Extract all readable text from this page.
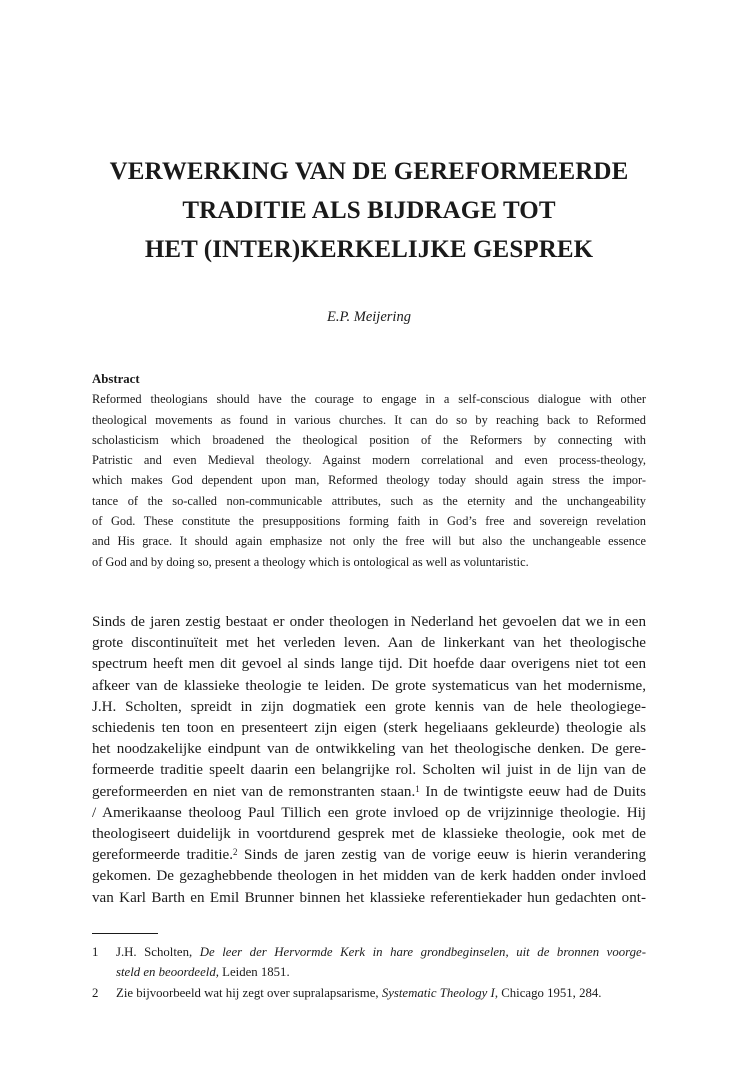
VERWERKING VAN DE GEREFORMEERDE
TRADITIE ALS BIJDRAGE TOT
HET (INTER)KERKELIJKE GESPREK
E.P. Meijering
Abstract
Reformed theologians should have the courage to engage in a self-conscious dialogue with other
theological movements as found in various churches. It can do so by reaching back to Reformed
scholasticism which broadened the theological position of the Reformers by connecting with
Patristic and even Medieval theology. Against modern correlational and even process-theology,
which makes God dependent upon man, Reformed theology today should again stress the impor-
tance of the so-called non-communicable attributes, such as the eternity and the unchangeability
of God. These constitute the presuppositions forming faith in God’s free and sovereign revelation
and His grace. It should again emphasize not only the free will but also the unchangeable essence
of God and by doing so, present a theology which is ontological as well as voluntaristic.
Sinds de jaren zestig bestaat er onder theologen in Nederland het gevoelen dat we in een
grote discontinuïteit met het verleden leven. Aan de linkerkant van het theologische
spectrum heeft men dit gevoel al sinds lange tijd. Dit hoefde daar overigens niet tot een
afkeer van de klassieke theologie te leiden. De grote systematicus van het modernisme,
J.H. Scholten, spreidt in zijn dogmatiek een grote kennis van de hele theologiege-
schiedenis ten toon en presenteert zijn eigen (sterk hegeliaans gekleurde) theologie als
het noodzakelijke eindpunt van de ontwikkeling van het theologische denken. De gere-
formeerde traditie speelt daarin een belangrijke rol. Scholten wil juist in de lijn van de
gereformeerden en niet van de remonstranten staan.$^1$ In de twintigste eeuw had de Duits
/ Amerikaanse theoloog Paul Tillich een grote invloed op de vrijzinnige theologie. Hij
theologiseert duidelijk in voortdurend gesprek met de klassieke theologie, ook met de
gereformeerde traditie.$^2$ Sinds de jaren zestig van de vorige eeuw is hierin verandering
gekomen. De gezaghebbende theologen in het midden van de kerk hadden onder invloed
van Karl Barth en Emil Brunner binnen het klassieke referentiekader hun gedachten ont-
1	J.H. Scholten, De leer der Hervormde Kerk in hare grondbeginselen, uit de bronnen voorge-
steld en beoordeeld, Leiden 1851.
2	Zie bijvoorbeeld wat hij zegt over supralapsarisme, Systematic Theology I, Chicago 1951, 284.
